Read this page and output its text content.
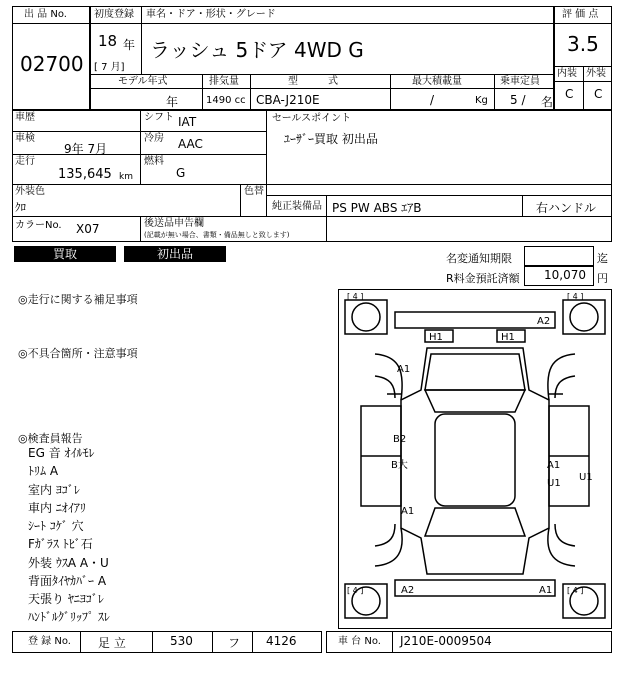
出 品 No.
02700
初度登録 車名・ドア・形状・グレード
18 年
[ 7 月]
ラッシュ 5ドア 4WD G
評 価 点
3.5
内装 外装
C C
モデル年式	排気量	型　　　式	最大積載量	乗車定員
年	1490 cc CBA-J210E	/	Kg 5 / 名
車歴
車検
9年 7月
走行
135,645 km
シフト IAT
冷房 AAC
燃料
G
セールスポイント
ﾕｰｻﾞｰ買取 初出品
外装色
ｸﾛ
色替
純正装備品 PS PW ABS ｴｱB	右ハンドル
カラーNo. X07	後送品申告欄
(記載が無い場合、書類・備品無しと致します)
買取	初出品	名変通知期限	迄
R料金預託済額 10,070 円
◎走行に関する補足事項
◎不具合箇所・注意事項
◎検査員報告
EG 音 ｵｲﾙﾓﾚ
ﾄﾘﾑ A
室内 ﾖｺﾞﾚ
車内 ﾆｵｲｱﾘ
ｼｰﾄ ｺｹﾞ 穴
Fｶﾞﾗｽ ﾄﾋﾞ石
外装 ｳｽA A・U
背面ﾀｲﾔｶﾊﾞｰ A
天張り ﾔﾆﾖｺﾞﾚ
ﾊﾝﾄﾞﾙｸﾞﾘｯﾌﾟ ｽﾚ
[ 4 ]	[ 4 ]
[ 4 ]	[ 4 ]
A2
H1	H1
A1
B2
B大	A1
U1
U1
A1
A2	A1
登 録 No. 足 立	530	フ 4126	車 台 No. J210E-0009504
